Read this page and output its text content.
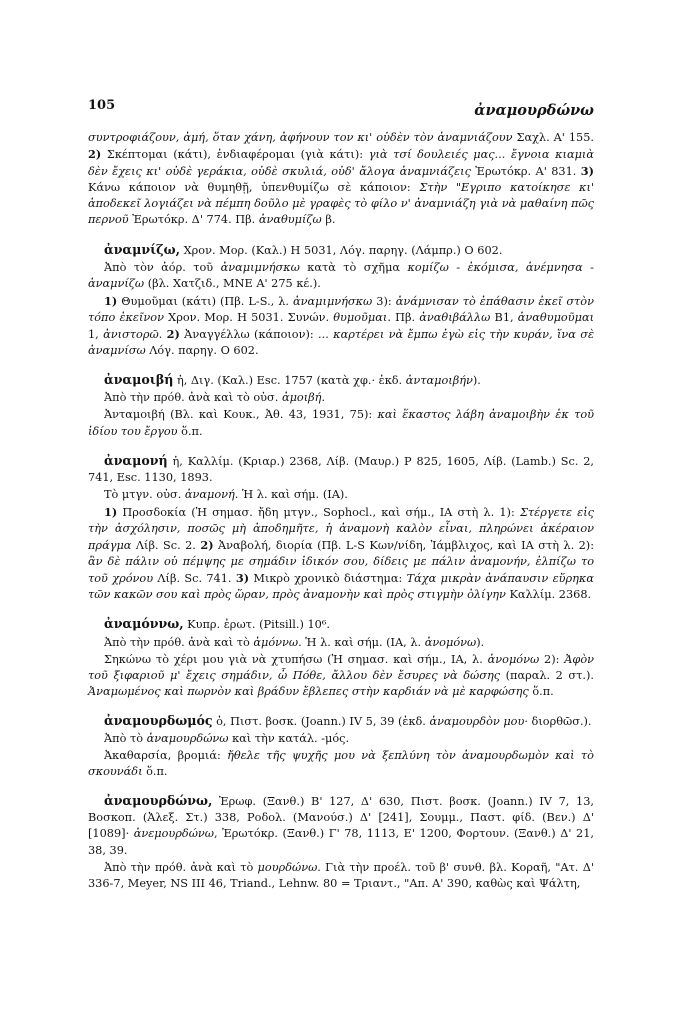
105	ἀναμουρδώνω

συντροφιάζουν, ἀμή, ὅταν χάνη, ἀφήνουν τον κι' οὐδὲν τὸν ἀναμνιάζουν Σαχλ. Α' 155. 2) Σκέπτομαι (κάτι), ἐνδιαφέρομαι (γιὰ κάτι): γιὰ τσί δουλειές μας... ἔγνοια κιαμιὰ δὲν ἔχεις κι' οὐδὲ γεράκια, οὐδὲ σκυλιά, οὐδ' ἄλογα ἀναμνιάζεις Ἐρωτόκρ. Α' 831. 3) Κάνω κάποιον νὰ θυμηθῇ, ὑπενθυμίζω σὲ κάποιον: Στὴν "Εγριπο κατοίκησε κι' ἀποδεκεῖ λογιάζει νὰ πέμπη δοῦλο μὲ γραφὲς τὸ φίλο ν' ἀναμνιάζη γιὰ νὰ μαθαίνη πῶς περνοῦ Ἐρωτόκρ. Δ' 774. Πβ. ἀναθυμίζω β.

ἀναμνίζω, Χρον. Μορ. (Καλ.) Η 5031, Λόγ. παρηγ. (Λάμπρ.) Ο 602.

Ἀπὸ τὸν ἀόρ. τοῦ ἀναμιμνήσκω κατὰ τὸ σχῆμα κομίζω - ἐκόμισα, ἀνέμνησα - ἀναμνίζω (βλ. Χατζιδ., ΜΝΕ Α' 275 κέ.).

1) Θυμοῦμαι (κάτι) (Πβ. L-S., λ. ἀναμιμνήσκω 3): ἀνάμνισαν τὸ ἐπάθασιν ἐκεῖ στὸν τόπο ἐκεῖνον Χρον. Μορ. Η 5031. Συνών. θυμοῦμαι. Πβ. ἀναθιβάλλω Β1, ἀναθυμοῦμαι 1, ἀνιστορῶ. 2) Ἀναγγέλλω (κάποιον): ... καρτέρει νὰ ἔμπω ἐγὼ εἰς τὴν κυράν, ἵνα σὲ ἀναμνίσω Λόγ. παρηγ. Ο 602.

ἀναμοιβή ἡ, Διγ. (Καλ.) Esc. 1757 (κατὰ χφ.· ἐκδ. ἀνταμοιβήν).

Ἀπὸ τὴν πρόθ. ἀνὰ καὶ τὸ οὐσ. ἀμοιβή.

Ἀνταμοιβή (Βλ. καὶ Κουκ., Ἀθ. 43, 1931, 75): καὶ ἕκαστος λάβη ἀναμοιβὴν ἐκ τοῦ ἰδίου του ἔργου ὅ.π.

ἀναμονή ἡ, Καλλίμ. (Κριαρ.) 2368, Λίβ. (Μαυρ.) P 825, 1605, Λίβ. (Lamb.) Sc. 2, 741, Esc. 1130, 1893.

Τὸ μτγν. οὐσ. ἀναμονή. Ἡ λ. καὶ σήμ. (ΙΑ).

1) Προσδοκία (Ἡ σημασ. ἤδη μτγν., Sophocl., καὶ σήμ., ΙΑ στὴ λ. 1): Στέργετε εἰς τὴν ἀσχόλησιν, ποσῶς μὴ ἀποδημῆτε, ἡ ἀναμονὴ καλὸν εἶναι, πληρώνει ἀκέραιον πράγμα Λίβ. Sc. 2. 2) Ἀναβολή, διορία (Πβ. L-S Κων/νίδη, Ἰάμβλιχος, καὶ ΙΑ στὴ λ. 2): ἂν δὲ πάλιν οὐ πέμψης με σημάδιν ἰδικόν σου, δίδεις με πάλιν ἀναμονήν, ἐλπίζω το τοῦ χρόνου Λίβ. Sc. 741. 3) Μικρὸ χρονικὸ διάστημα: Τάχα μικρὰν ἀνάπαυσιν εὕρηκα τῶν κακῶν σου καὶ πρὸς ὥραν, πρὸς ἀναμονὴν καὶ πρὸς στιγμὴν ὀλίγην Καλλίμ. 2368.

ἀναμόννω, Κυπρ. ἐρωτ. (Pitsill.) 10⁶.

Ἀπὸ τὴν πρόθ. ἀνὰ καὶ τὸ ἀμόννω. Ἡ λ. καὶ σήμ. (ΙΑ, λ. ἀνομόνω).

Σηκώνω τὸ χέρι μου γιὰ νὰ χτυπήσω (Ἡ σημασ. καὶ σήμ., ΙΑ, λ. ἀνομόνω 2): Ἀφὸν τοῦ ξιφαριοῦ μ' ἔχεις σημάδιν, ὦ Πόθε, ἄλλου δὲν ἔσυρες νὰ δώσης (παραλ. 2 στ.). Ἀναμωμένος καὶ πωρνὸν καὶ βράδυν ἔβλεπες στὴν καρδιάν νὰ μὲ καρφώσης ὅ.π.

ἀναμουρδωμός ὁ, Πιστ. βοσκ. (Joann.) IV 5, 39 (ἐκδ. ἀναμουρδὸν μου· διορθῶσ.).

Ἀπὸ τὸ ἀναμουρδώνω καὶ τὴν κατάλ. -μός.

Ἀκαθαρσία, βρομιά: ἤθελε τῆς ψυχῆς μου νὰ ξεπλύνη τὸν ἀναμουρδωμὸν καὶ τὸ σκουνάδι ὅ.π.

ἀναμουρδώνω, Ἐρωφ. (Ξανθ.) Β' 127, Δ' 630, Πιστ. βοσκ. (Joann.) IV 7, 13, Βοσκοπ. (Ἀλεξ. Στ.) 338, Ροδολ. (Μανούσ.) Δ' [241], Σουμμ., Παστ. φίδ. (Βεν.) Δ' [1089]· ἀνεμουρδώνω, Ἐρωτόκρ. (Ξανθ.) Γ' 78, 1113, Ε' 1200, Φορτουν. (Ξανθ.) Δ' 21, 38, 39.

Ἀπὸ τὴν πρόθ. ἀνὰ καὶ τὸ μουρδώνω. Γιὰ τὴν προέλ. τοῦ β' συνθ. βλ. Κοραῆ, "Ατ. Δ' 336-7, Meyer, NS III 46, Triand., Lehnw. 80 = Τριαντ., "Απ. Α' 390, καθὼς καὶ Ψάλτη,
